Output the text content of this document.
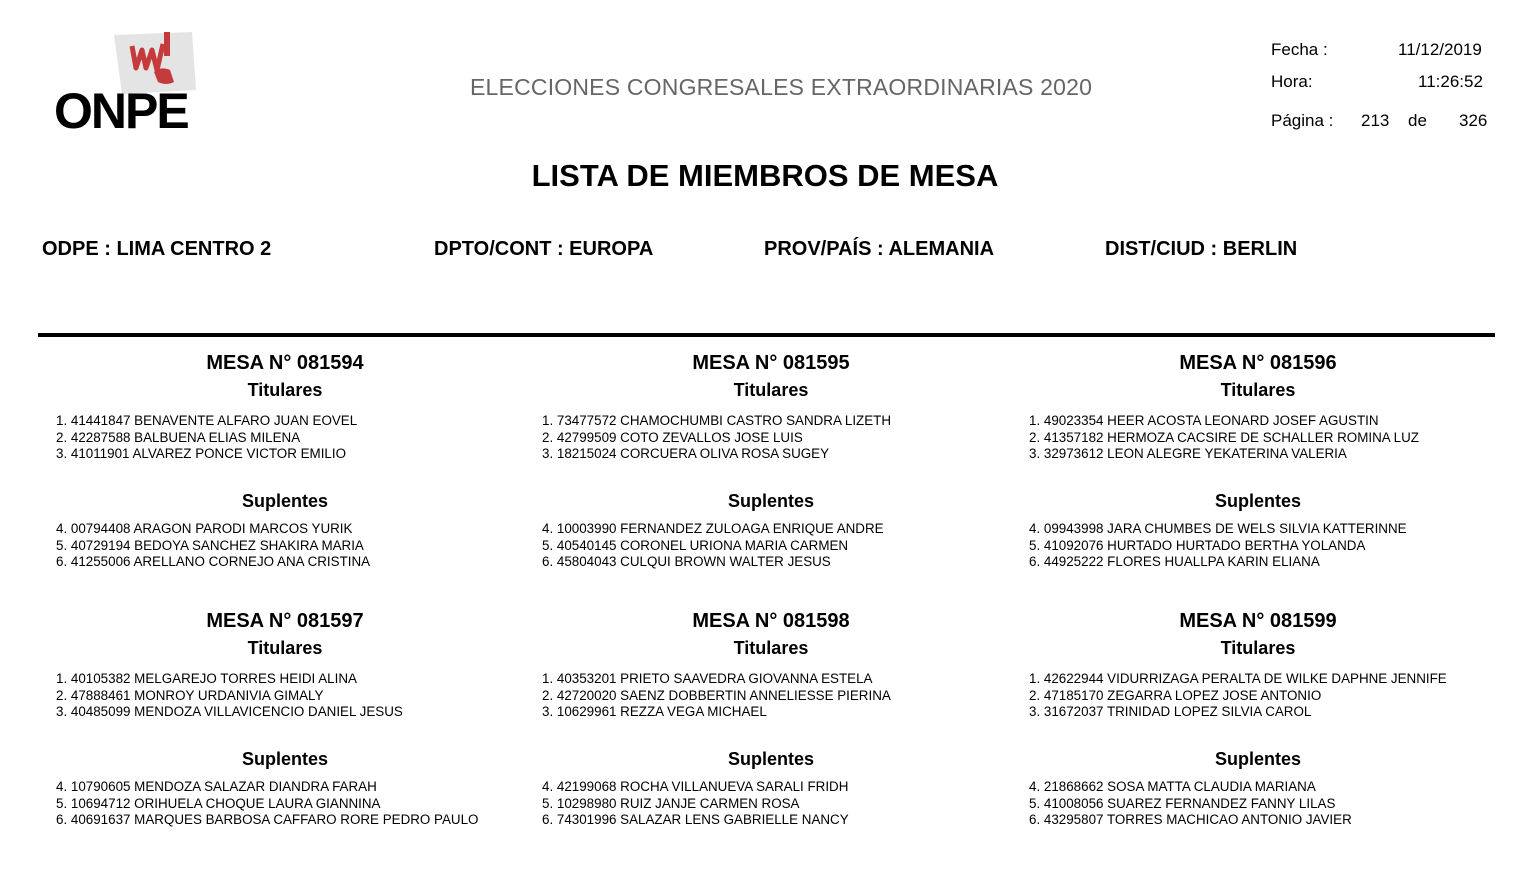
ONPE	ELECCIONES CONGRESALES EXTRAORDINARIAS 2020
Fecha :	11/12/2019
Hora:	11:26:52
Página : 213 de 326
LISTA DE MIEMBROS DE MESA
ODPE : LIMA CENTRO 2	DPTO/CONT : EUROPA	PROV/PAÍS : ALEMANIA	DIST/CIUD : BERLIN
MESA N° 081594
Titulares
1. 41441847 BENAVENTE ALFARO JUAN EOVEL
2. 42287588 BALBUENA ELIAS MILENA
3. 41011901 ALVAREZ PONCE VICTOR EMILIO
Suplentes
4. 00794408 ARAGON PARODI MARCOS YURIK
5. 40729194 BEDOYA SANCHEZ SHAKIRA MARIA
6. 41255006 ARELLANO CORNEJO ANA CRISTINA
MESA N° 081595
Titulares
1. 73477572 CHAMOCHUMBI CASTRO SANDRA LIZETH
2. 42799509 COTO ZEVALLOS JOSE LUIS
3. 18215024 CORCUERA OLIVA ROSA SUGEY
Suplentes
4. 10003990 FERNANDEZ ZULOAGA ENRIQUE ANDRE
5. 40540145 CORONEL URIONA MARIA CARMEN
6. 45804043 CULQUI BROWN WALTER JESUS
MESA N° 081596
Titulares
1. 49023354 HEER ACOSTA LEONARD JOSEF AGUSTIN
2. 41357182 HERMOZA CACSIRE DE SCHALLER ROMINA LUZ
3. 32973612 LEON ALEGRE YEKATERINA VALERIA
Suplentes
4. 09943998 JARA CHUMBES DE WELS SILVIA KATTERINNE
5. 41092076 HURTADO HURTADO BERTHA YOLANDA
6. 44925222 FLORES HUALLPA KARIN ELIANA
MESA N° 081597
Titulares
1. 40105382 MELGAREJO TORRES HEIDI ALINA
2. 47888461 MONROY URDANIVIA GIMALY
3. 40485099 MENDOZA VILLAVICENCIO DANIEL JESUS
Suplentes
4. 10790605 MENDOZA SALAZAR DIANDRA FARAH
5. 10694712 ORIHUELA CHOQUE LAURA GIANNINA
6. 40691637 MARQUES BARBOSA CAFFARO RORE PEDRO PAULO
MESA N° 081598
Titulares
1. 40353201 PRIETO SAAVEDRA GIOVANNA ESTELA
2. 42720020 SAENZ DOBBERTIN ANNELIESSE PIERINA
3. 10629961 REZZA VEGA MICHAEL
Suplentes
4. 42199068 ROCHA VILLANUEVA SARALI FRIDH
5. 10298980 RUIZ JANJE CARMEN ROSA
6. 74301996 SALAZAR LENS GABRIELLE NANCY
MESA N° 081599
Titulares
1. 42622944 VIDURRIZAGA PERALTA DE WILKE DAPHNE JENNIFE
2. 47185170 ZEGARRA LOPEZ JOSE ANTONIO
3. 31672037 TRINIDAD LOPEZ SILVIA CAROL
Suplentes
4. 21868662 SOSA MATTA CLAUDIA MARIANA
5. 41008056 SUAREZ FERNANDEZ FANNY LILAS
6. 43295807 TORRES MACHICAO ANTONIO JAVIER
